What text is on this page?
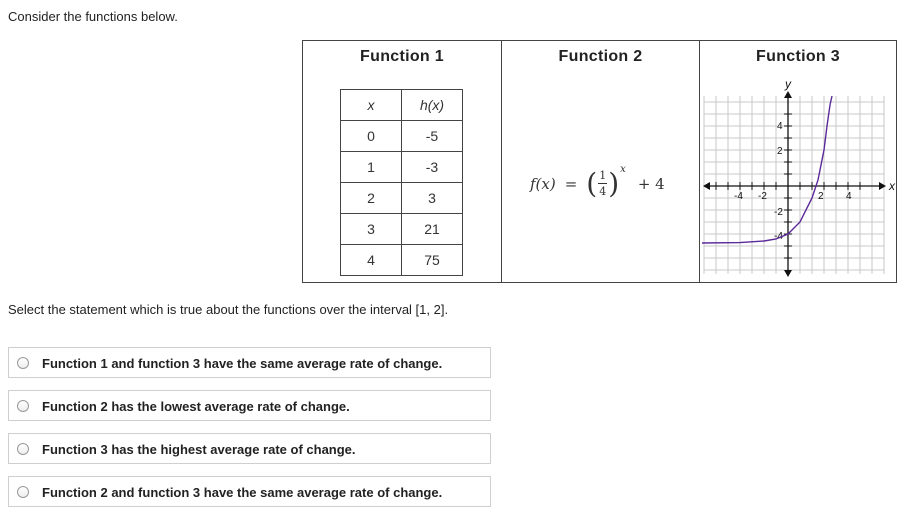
Consider the functions below.
Function 1
x	h(x)
0	-5
1	-3
2	3
3	21
4	75
Function 2
f(x) = ( $\frac{1}{4}$ ) x
+ 4
Function 3
x
y
-4 -2	2 4
4
2
-2
-4
Select the statement which is true about the functions over the interval [1, 2].
Function 1 and function 3 have the same average rate of change.
Function 2 has the lowest average rate of change.
Function 3 has the highest average rate of change.
Function 2 and function 3 have the same average rate of change.
